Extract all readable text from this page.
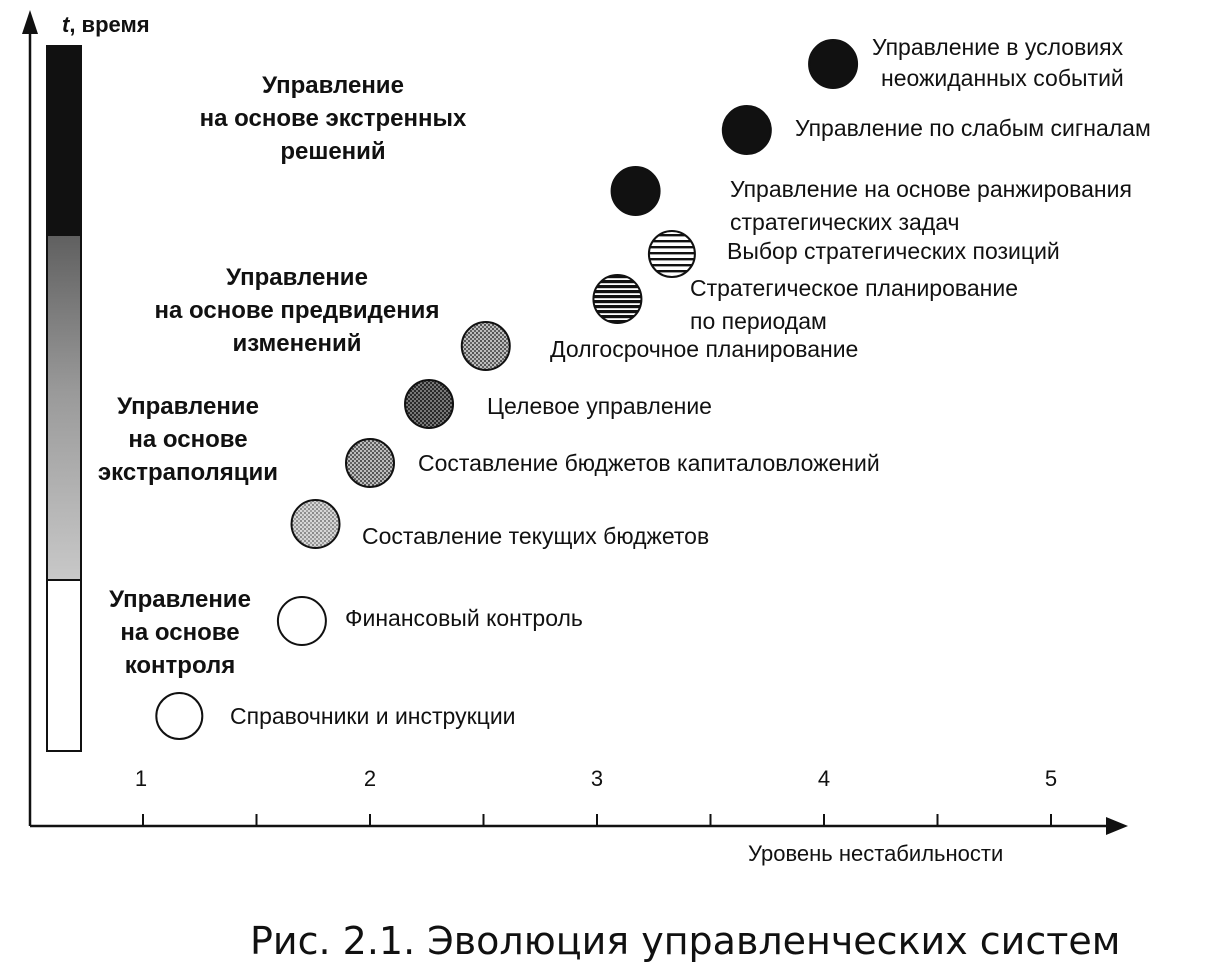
t, время
Уровень нестабильности
1	2	3	4	5
Управление на основе контроля
Управление на основе экстраполяции
Управление на основе предвидения изменений
Управление на основе экстренных решений
Справочники и инструкции
Финансовый контроль
Составление текущих бюджетов
Составление бюджетов капиталовложений
Целевое управление
Долгосрочное планирование
Стратегическое планирование по периодам
Выбор стратегических позиций
Управление на основе ранжирования стратегических задач
Управление по слабым сигналам
Управление в условиях неожиданных событий
Рис. 2.1. Эволюция управленческих систем
